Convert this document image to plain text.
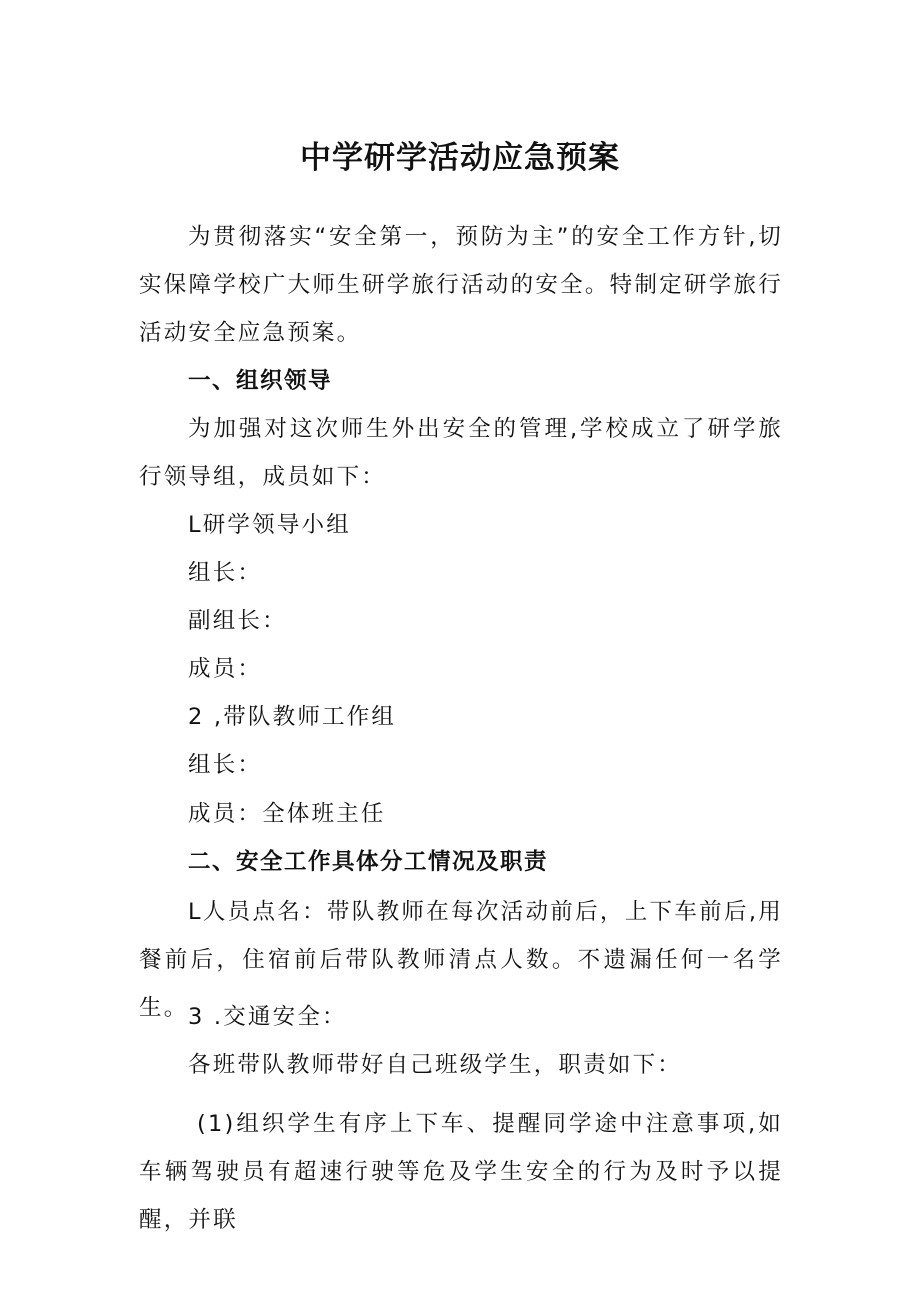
中学研学活动应急预案
为贯彻落实“安全第一，预防为主”的安全工作方针,切实保障学校广大师生研学旅行活动的安全。特制定研学旅行活动安全应急预案。
一、组织领导
为加强对这次师生外出安全的管理,学校成立了研学旅行领导组，成员如下：
L研学领导小组
组长：
副组长：
成员：
2 ,带队教师工作组
组长：
成员：全体班主任
二、安全工作具体分工情况及职责
L人员点名：带队教师在每次活动前后，上下车前后,用餐前后，住宿前后带队教师清点人数。不遗漏任何一名学生。 3 .交通安全：
各班带队教师带好自己班级学生，职责如下：
(1)组织学生有序上下车、提醒同学途中注意事项,如车辆驾驶员有超速行驶等危及学生安全的行为及时予以提醒，并联
